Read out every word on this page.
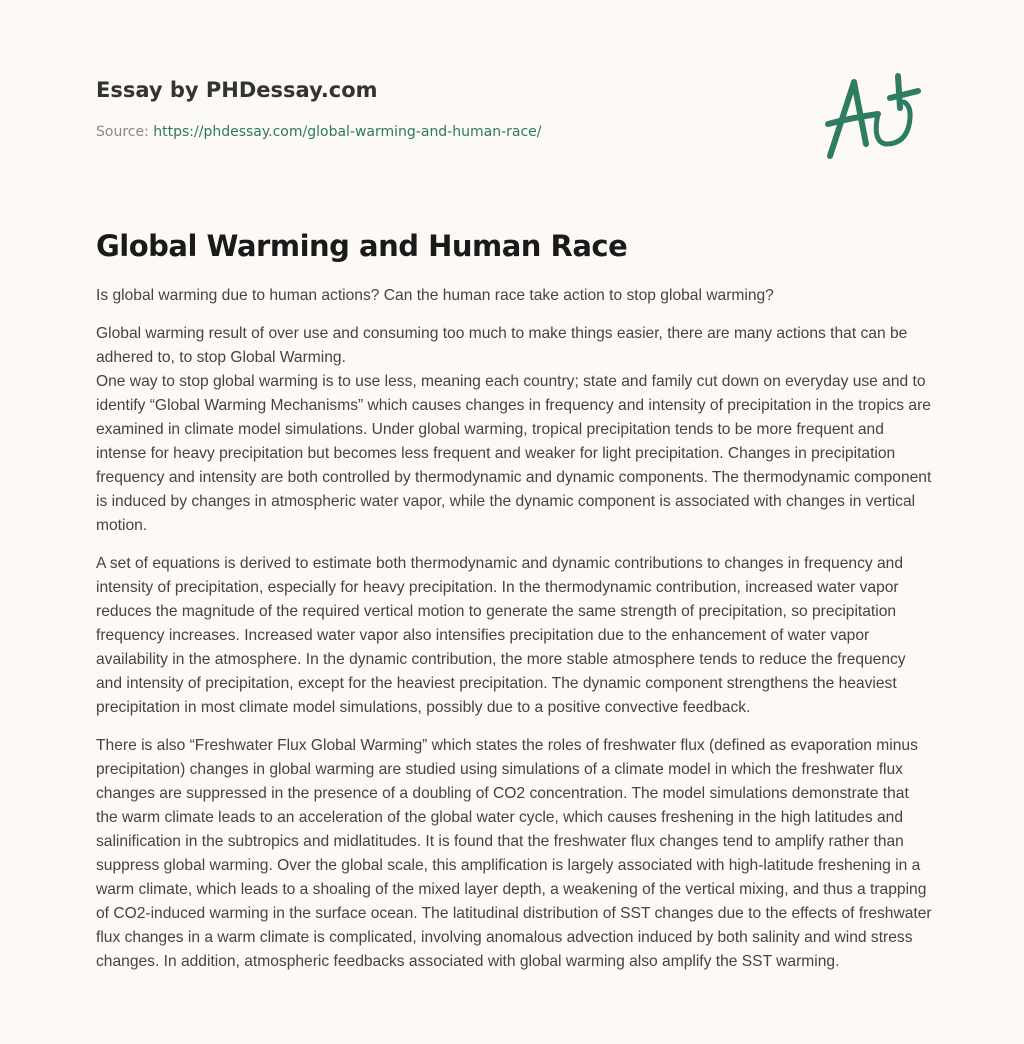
Essay by PHDessay.com
Source: https://phdessay.com/global-warming-and-human-race/
Global Warming and Human Race

Is global warming due to human actions? Can the human race take action to stop global warming?

Global warming result of over use and consuming too much to make things easier, there are many actions that can be adhered to, to stop Global Warming.
One way to stop global warming is to use less, meaning each country; state and family cut down on everyday use and to identify “Global Warming Mechanisms” which causes changes in frequency and intensity of precipitation in the tropics are examined in climate model simulations. Under global warming, tropical precipitation tends to be more frequent and intense for heavy precipitation but becomes less frequent and weaker for light precipitation. Changes in precipitation frequency and intensity are both controlled by thermodynamic and dynamic components. The thermodynamic component is induced by changes in atmospheric water vapor, while the dynamic component is associated with changes in vertical motion.

A set of equations is derived to estimate both thermodynamic and dynamic contributions to changes in frequency and intensity of precipitation, especially for heavy precipitation. In the thermodynamic contribution, increased water vapor reduces the magnitude of the required vertical motion to generate the same strength of precipitation, so precipitation frequency increases. Increased water vapor also intensifies precipitation due to the enhancement of water vapor availability in the atmosphere. In the dynamic contribution, the more stable atmosphere tends to reduce the frequency and intensity of precipitation, except for the heaviest precipitation. The dynamic component strengthens the heaviest precipitation in most climate model simulations, possibly due to a positive convective feedback.

There is also “Freshwater Flux Global Warming” which states the roles of freshwater flux (defined as evaporation minus precipitation) changes in global warming are studied using simulations of a climate model in which the freshwater flux changes are suppressed in the presence of a doubling of CO2 concentration. The model simulations demonstrate that the warm climate leads to an acceleration of the global water cycle, which causes freshening in the high latitudes and salinification in the subtropics and midlatitudes. It is found that the freshwater flux changes tend to amplify rather than suppress global warming. Over the global scale, this amplification is largely associated with high-latitude freshening in a warm climate, which leads to a shoaling of the mixed layer depth, a weakening of the vertical mixing, and thus a trapping of CO2-induced warming in the surface ocean. The latitudinal distribution of SST changes due to the effects of freshwater flux changes in a warm climate is complicated, involving anomalous advection induced by both salinity and wind stress changes. In addition, atmospheric feedbacks associated with global warming also amplify the SST warming.
